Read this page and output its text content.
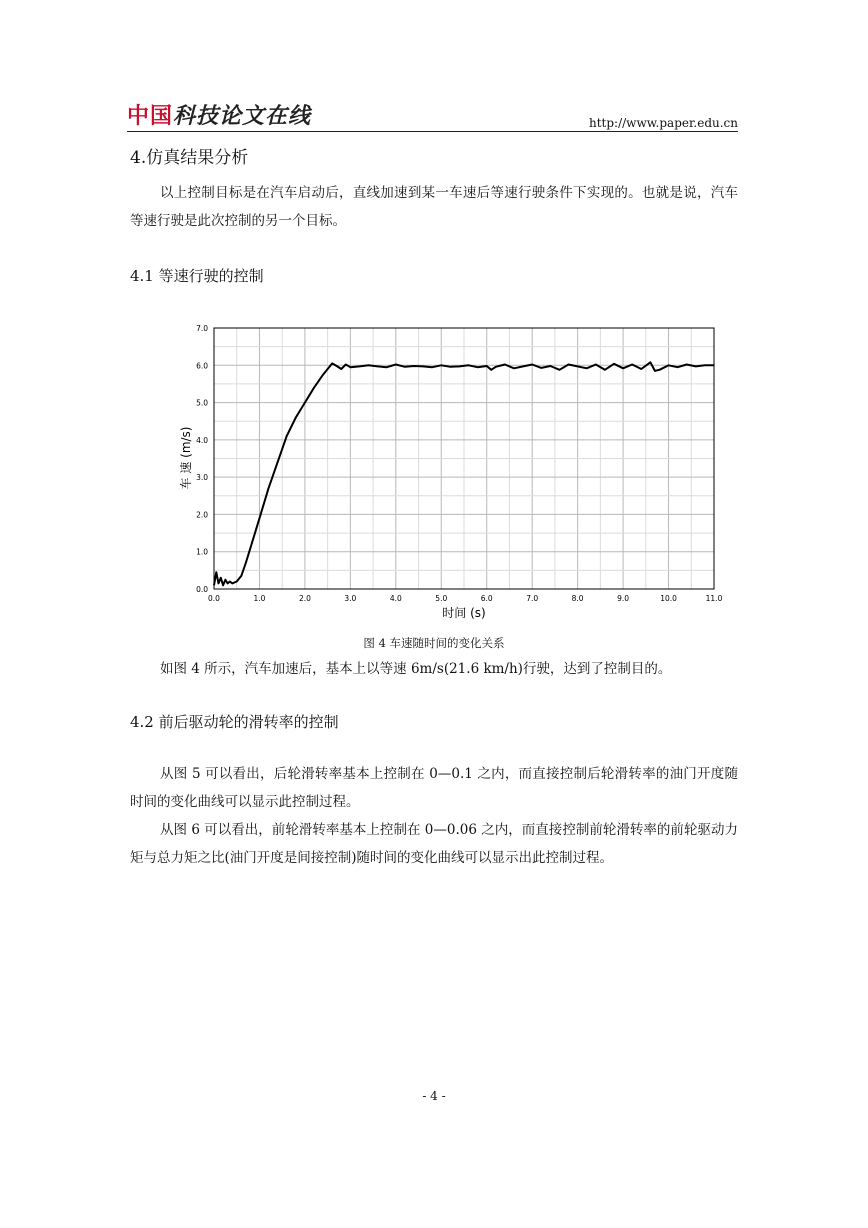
中国科技论文在线	http://www.paper.edu.cn
4.仿真结果分析

以上控制目标是在汽车启动后，直线加速到某一车速后等速行驶条件下实现的。也就是说，汽车等速行驶是此次控制的另一个目标。

4.1 等速行驶的控制
0.0	1.0	2.0	3.0	4.0	5.0	6.0	7.0	8.0	9.0	10.0	11.0
0.0
1.0
2.0
3.0
4.0
5.0
6.0
7.0
时间 (s)
车 速 (m/s)
图 4 车速随时间的变化关系

如图 4 所示，汽车加速后，基本上以等速 6m/s(21.6 km/h)行驶，达到了控制目的。

4.2 前后驱动轮的滑转率的控制

从图 5 可以看出，后轮滑转率基本上控制在 0—0.1 之内，而直接控制后轮滑转率的油门开度随时间的变化曲线可以显示此控制过程。

从图 6 可以看出，前轮滑转率基本上控制在 0—0.06 之内，而直接控制前轮滑转率的前轮驱动力矩与总力矩之比(油门开度是间接控制)随时间的变化曲线可以显示出此控制过程。

- 4 -
